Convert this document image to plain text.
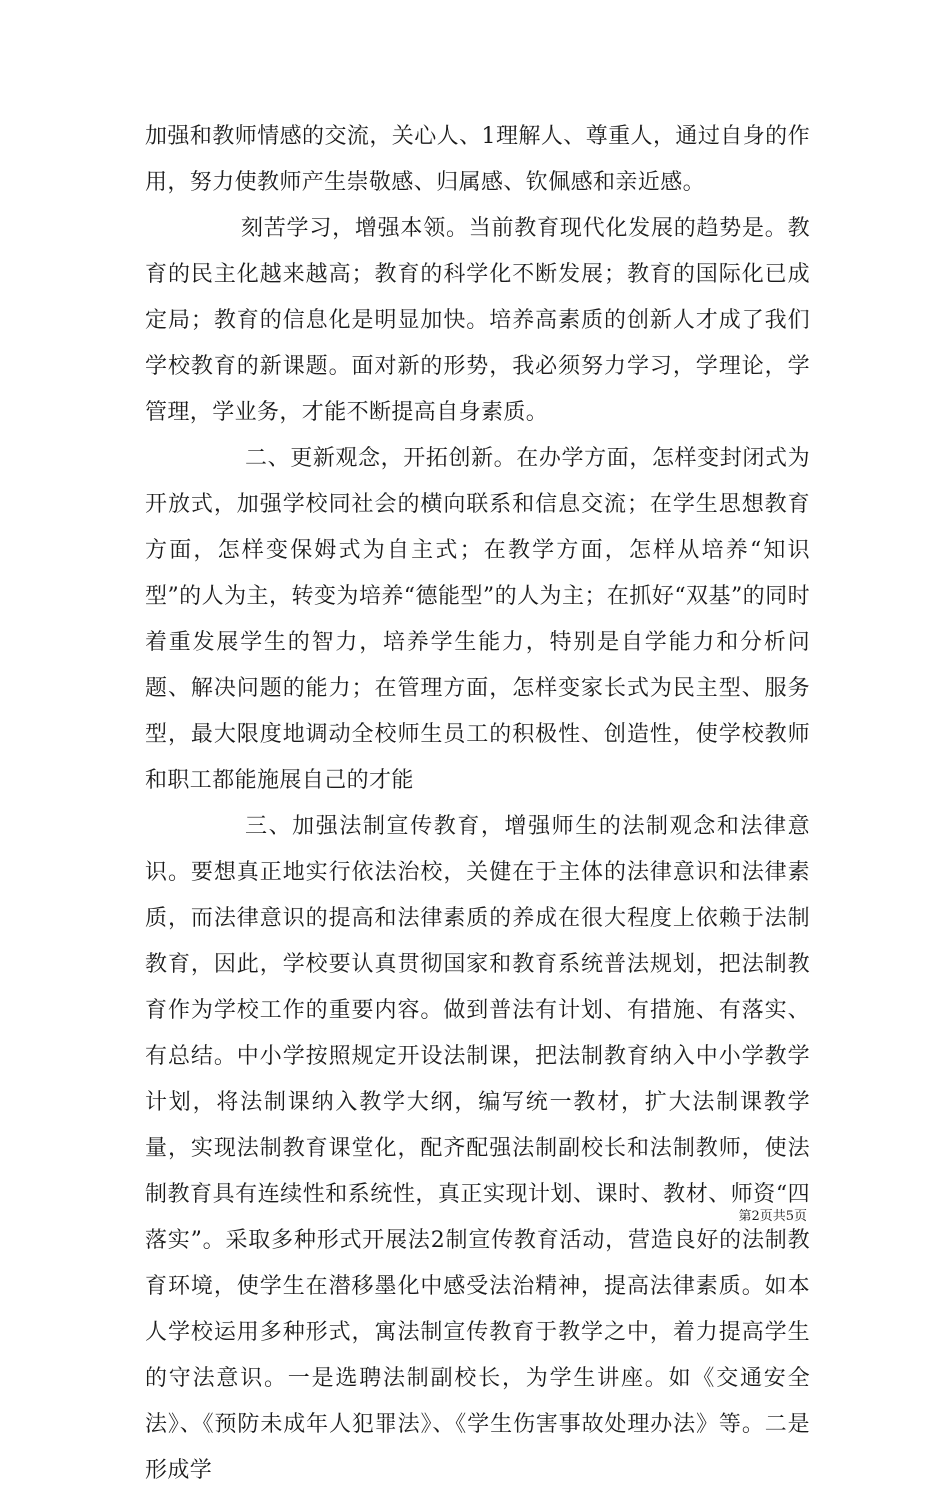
加强和教师情感的交流，关心人、1理解人、尊重人，通过自身的作用，努力使教师产生崇敬感、归属感、钦佩感和亲近感。

刻苦学习，增强本领。当前教育现代化发展的趋势是。教育的民主化越来越高；教育的科学化不断发展；教育的国际化已成定局；教育的信息化是明显加快。培养高素质的创新人才成了我们学校教育的新课题。面对新的形势，我必须努力学习，学理论，学管理，学业务，才能不断提高自身素质。

二、更新观念，开拓创新。在办学方面，怎样变封闭式为开放式，加强学校同社会的横向联系和信息交流；在学生思想教育方面，怎样变保姆式为自主式；在教学方面，怎样从培养“知识型”的人为主，转变为培养“德能型”的人为主；在抓好“双基”的同时着重发展学生的智力，培养学生能力，特别是自学能力和分析问题、解决问题的能力；在管理方面，怎样变家长式为民主型、服务型，最大限度地调动全校师生员工的积极性、创造性，使学校教师和职工都能施展自己的才能

三、加强法制宣传教育，增强师生的法制观念和法律意识。要想真正地实行依法治校，关健在于主体的法律意识和法律素质，而法律意识的提高和法律素质的养成在很大程度上依赖于法制教育，因此，学校要认真贯彻国家和教育系统普法规划，把法制教育作为学校工作的重要内容。做到普法有计划、有措施、有落实、有总结。中小学按照规定开设法制课，把法制教育纳入中小学教学计划，将法制课纳入教学大纲，编写统一教材，扩大法制课教学量，实现法制教育课堂化，配齐配强法制副校长和法制教师，使法制教育具有连续性和系统性，真正实现计划、课时、教材、师资“四落实”。采取多种形式开展法2制宣传教育活动，营造良好的法制教育环境，使学生在潜移墨化中感受法治精神，提高法律素质。如本人学校运用多种形式，寓法制宣传教育于教学之中，着力提高学生的守法意识。一是选聘法制副校长，为学生讲座。如《交通安全法》、《预防未成年人犯罪法》、《学生伤害事故处理办法》等。二是形成学

第2页共5页
